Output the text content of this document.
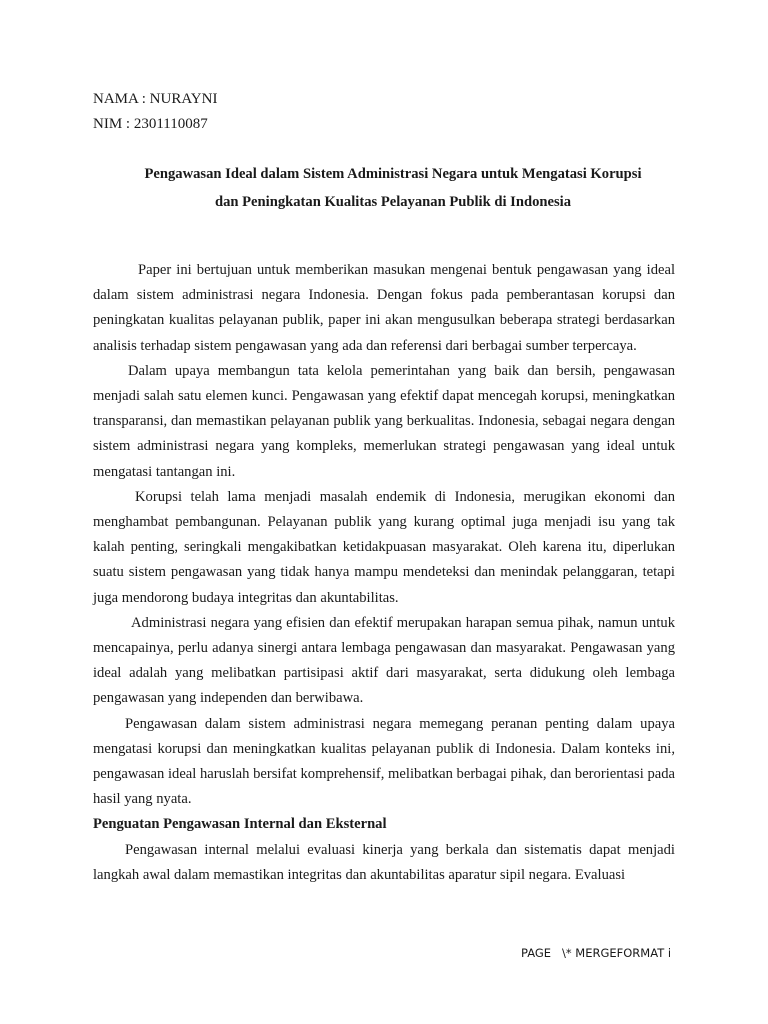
NAMA : NURAYNI
NIM : 2301110087
Pengawasan Ideal dalam Sistem Administrasi Negara untuk Mengatasi Korupsi
dan Peningkatan Kualitas Pelayanan Publik di Indonesia

Paper ini bertujuan untuk memberikan masukan mengenai bentuk pengawasan yang ideal dalam sistem administrasi negara Indonesia. Dengan fokus pada pemberantasan korupsi dan peningkatan kualitas pelayanan publik, paper ini akan mengusulkan beberapa strategi berdasarkan analisis terhadap sistem pengawasan yang ada dan referensi dari berbagai sumber terpercaya.

Dalam upaya membangun tata kelola pemerintahan yang baik dan bersih, pengawasan menjadi salah satu elemen kunci. Pengawasan yang efektif dapat mencegah korupsi, meningkatkan transparansi, dan memastikan pelayanan publik yang berkualitas. Indonesia, sebagai negara dengan sistem administrasi negara yang kompleks, memerlukan strategi pengawasan yang ideal untuk mengatasi tantangan ini.

Korupsi telah lama menjadi masalah endemik di Indonesia, merugikan ekonomi dan menghambat pembangunan. Pelayanan publik yang kurang optimal juga menjadi isu yang tak kalah penting, seringkali mengakibatkan ketidakpuasan masyarakat. Oleh karena itu, diperlukan suatu sistem pengawasan yang tidak hanya mampu mendeteksi dan menindak pelanggaran, tetapi juga mendorong budaya integritas dan akuntabilitas.

Administrasi negara yang efisien dan efektif merupakan harapan semua pihak, namun untuk mencapainya, perlu adanya sinergi antara lembaga pengawasan dan masyarakat. Pengawasan yang ideal adalah yang melibatkan partisipasi aktif dari masyarakat, serta didukung oleh lembaga pengawasan yang independen dan berwibawa.

Pengawasan dalam sistem administrasi negara memegang peranan penting dalam upaya mengatasi korupsi dan meningkatkan kualitas pelayanan publik di Indonesia. Dalam konteks ini, pengawasan ideal haruslah bersifat komprehensif, melibatkan berbagai pihak, dan berorientasi pada hasil yang nyata.

Penguatan Pengawasan Internal dan Eksternal

Pengawasan internal melalui evaluasi kinerja yang berkala dan sistematis dapat menjadi langkah awal dalam memastikan integritas dan akuntabilitas aparatur sipil negara. Evaluasi

PAGE   \* MERGEFORMAT i
